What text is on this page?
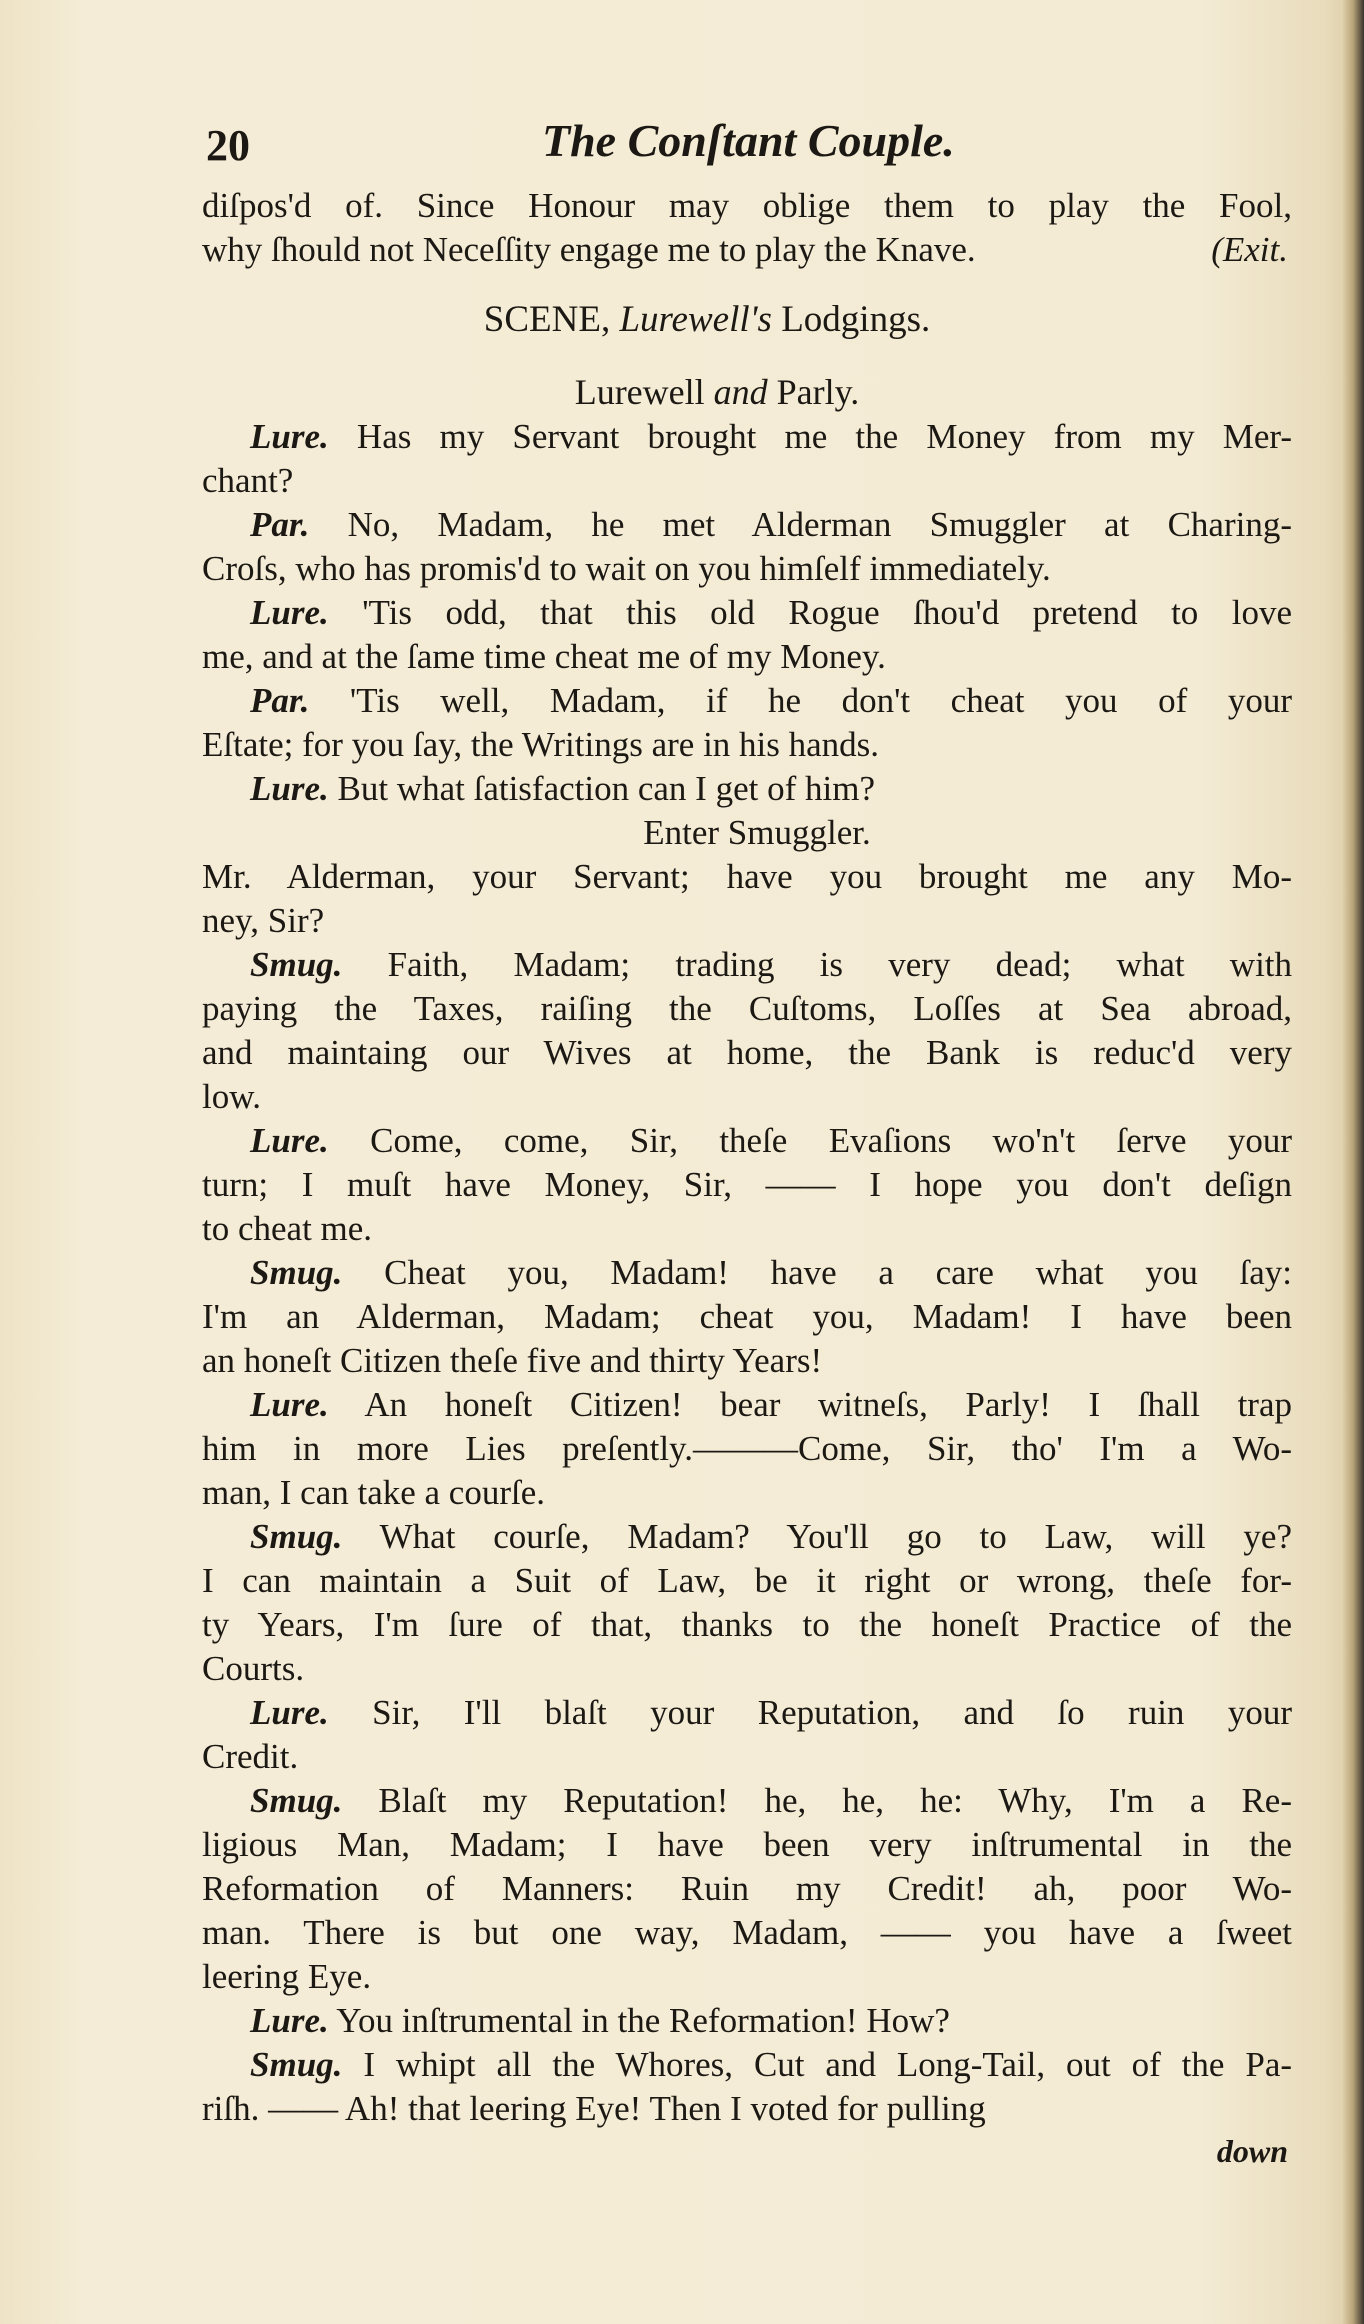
20	The Conſtant Couple.
diſpos'd of. Since Honour may oblige them to play the Fool,
why ſhould not Neceſſity engage me to play the Knave.	(Exit.
SCENE, Lurewell's Lodgings.
Lurewell and Parly.
Lure. Has my Servant brought me the Money from my Mer-
chant?
Par. No, Madam, he met Alderman Smuggler at Charing-
Croſs, who has promis'd to wait on you himſelf immediately.
Lure. 'Tis odd, that this old Rogue ſhou'd pretend to love
me, and at the ſame time cheat me of my Money.
Par. 'Tis well, Madam, if he don't cheat you of your
Eſtate; for you ſay, the Writings are in his hands.
Lure. But what ſatisfaction can I get of him?
Enter Smuggler.
Mr. Alderman, your Servant; have you brought me any Mo-
ney, Sir?
Smug. Faith, Madam; trading is very dead; what with
paying the Taxes, raiſing the Cuſtoms, Loſſes at Sea abroad,
and maintaing our Wives at home, the Bank is reduc'd very
low.
Lure. Come, come, Sir, theſe Evaſions wo'n't ſerve your
turn; I muſt have Money, Sir, —— I hope you don't deſign
to cheat me.
Smug. Cheat you, Madam! have a care what you ſay:
I'm an Alderman, Madam; cheat you, Madam! I have been
an honeſt Citizen theſe five and thirty Years!
Lure. An honeſt Citizen! bear witneſs, Parly! I ſhall trap
him in more Lies preſently.———Come, Sir, tho' I'm a Wo-
man, I can take a courſe.
Smug. What courſe, Madam? You'll go to Law, will ye?
I can maintain a Suit of Law, be it right or wrong, theſe for-
ty Years, I'm ſure of that, thanks to the honeſt Practice of the
Courts.
Lure. Sir, I'll blaſt your Reputation, and ſo ruin your
Credit.
Smug. Blaſt my Reputation! he, he, he: Why, I'm a Re-
ligious Man, Madam; I have been very inſtrumental in the
Reformation of Manners: Ruin my Credit! ah, poor Wo-
man. There is but one way, Madam, —— you have a ſweet
leering Eye.
Lure. You inſtrumental in the Reformation! How?
Smug. I whipt all the Whores, Cut and Long-Tail, out of the Pa-
riſh. —— Ah! that leering Eye! Then I voted for pulling
down
